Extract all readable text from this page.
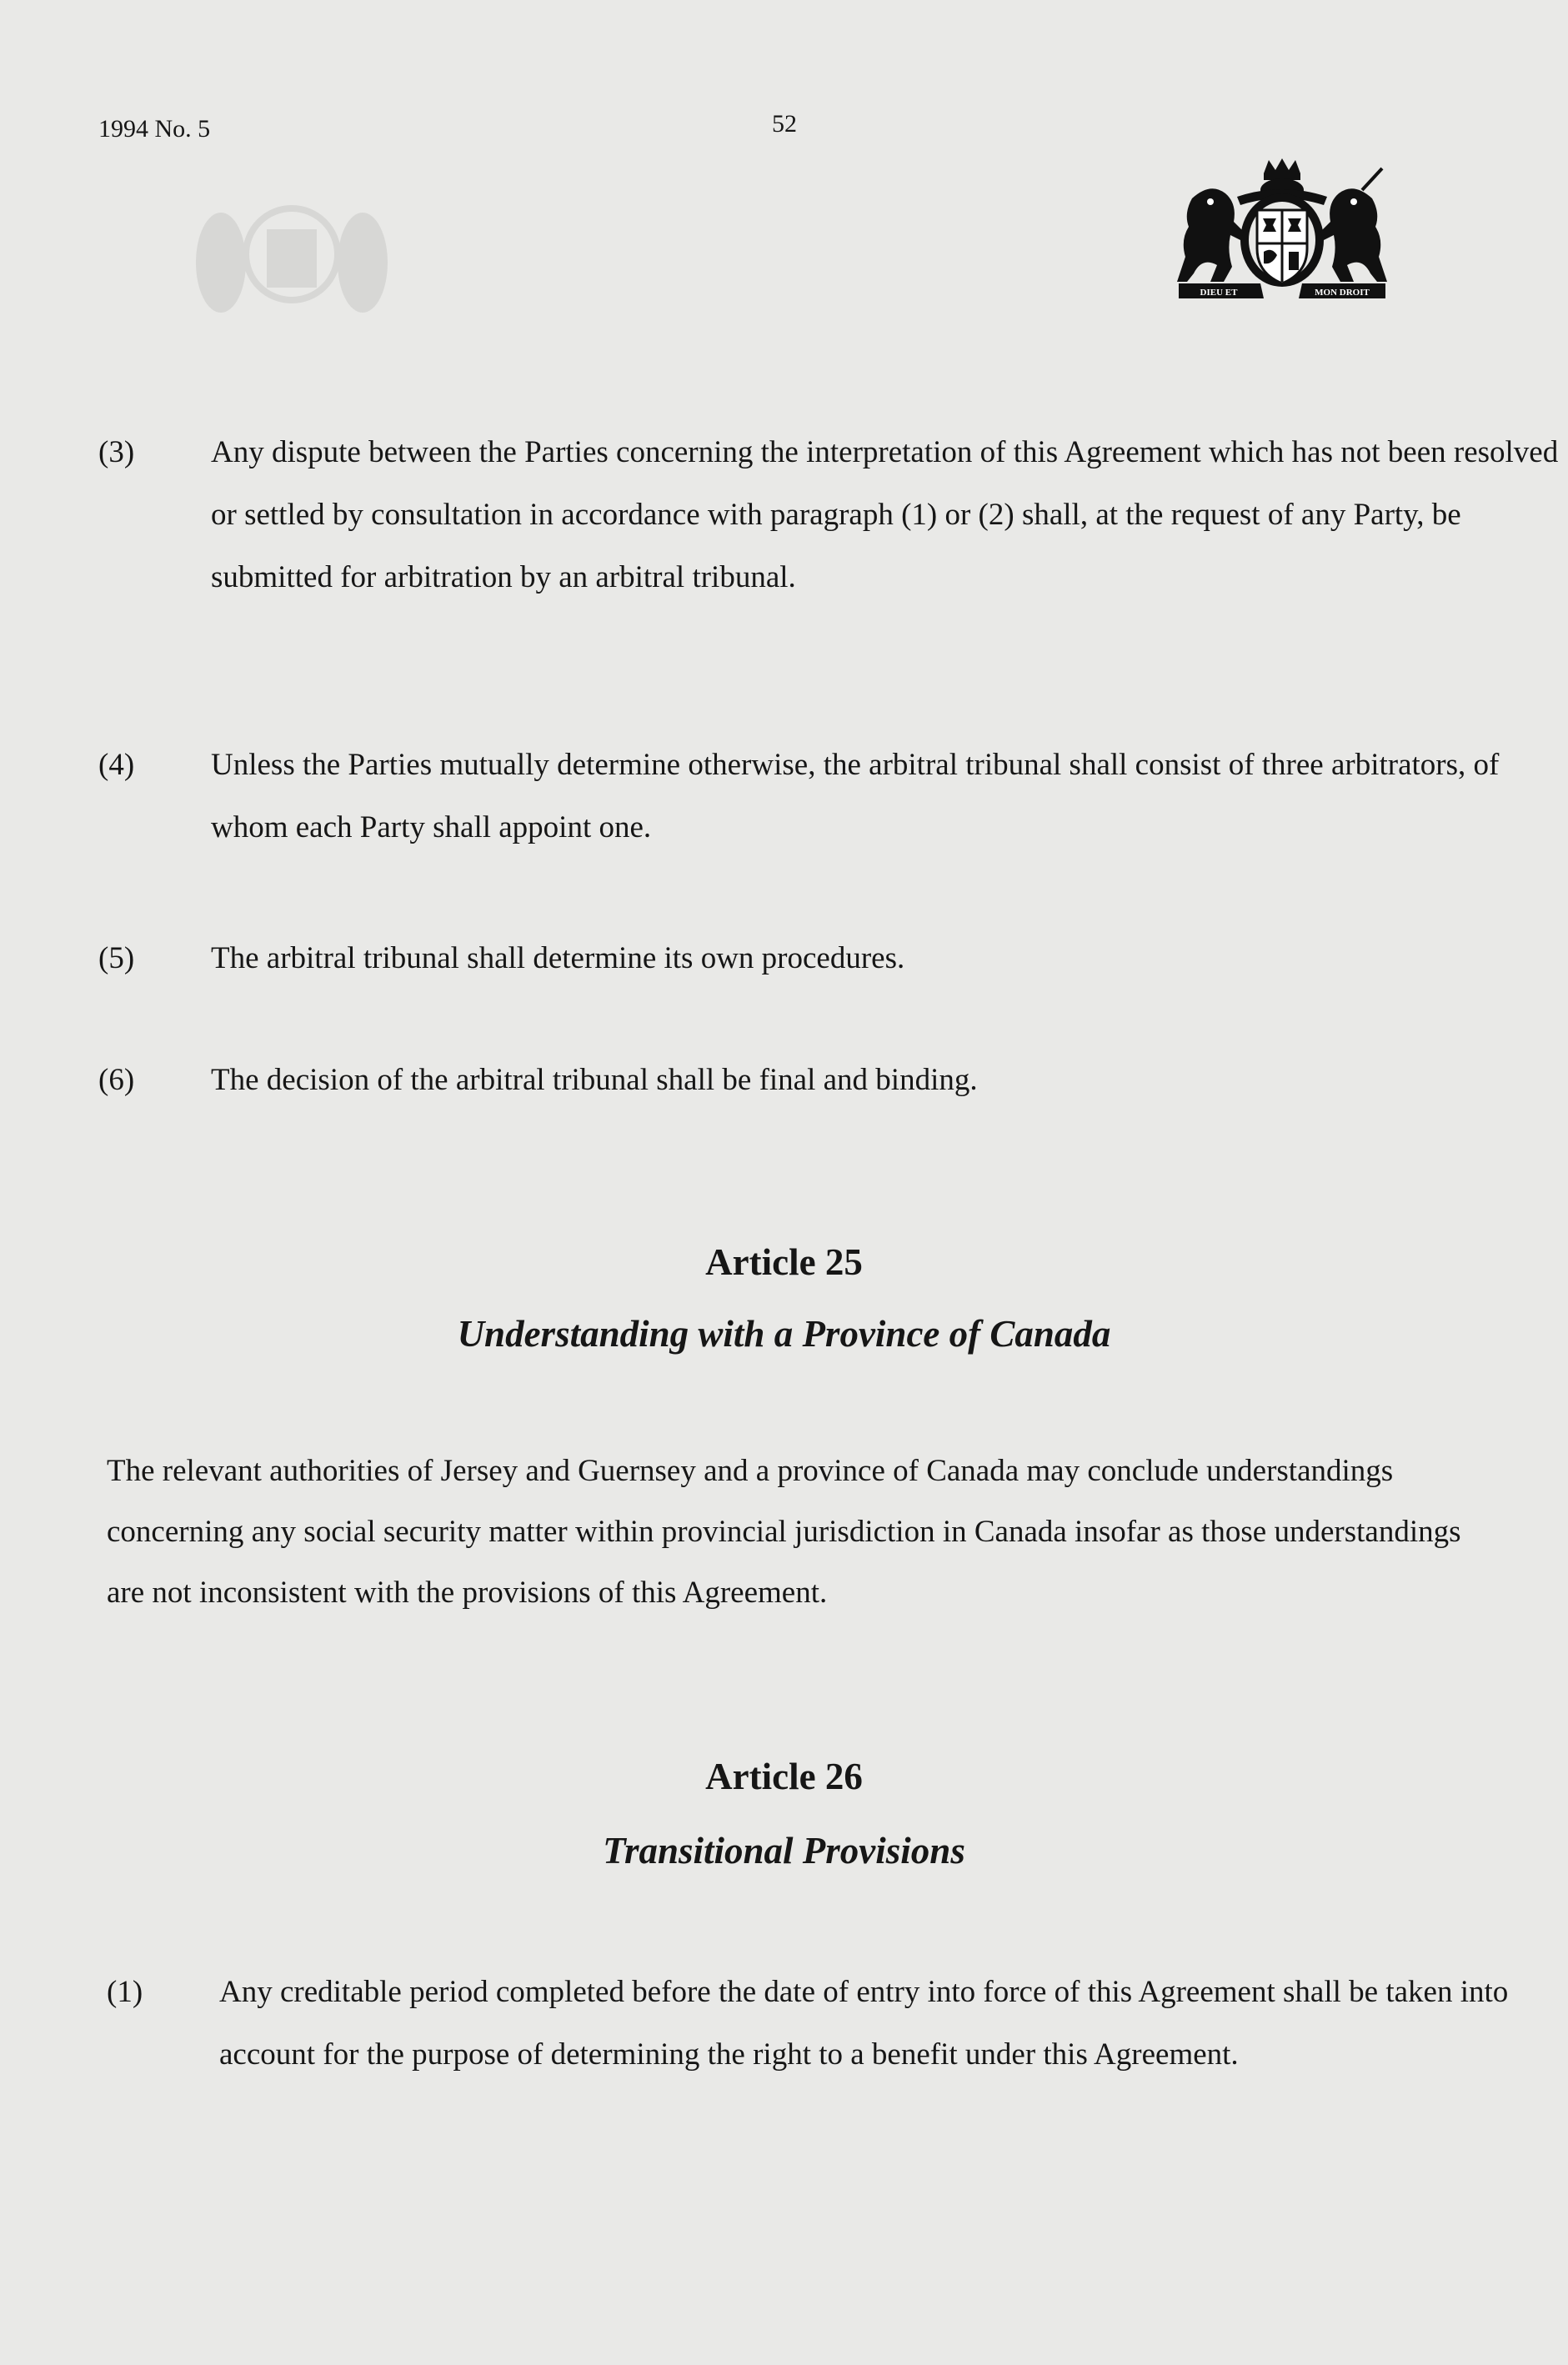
1994 No. 5	52
DIEU ET	MON DROIT
(3) Any dispute between the Parties concerning the interpretation of this Agreement which has not been resolved or settled by consultation in accordance with paragraph (1) or (2) shall, at the request of any Party, be submitted for arbitration by an arbitral tribunal.
(4) Unless the Parties mutually determine otherwise, the arbitral tribunal shall consist of three arbitrators, of whom each Party shall appoint one.
(5) The arbitral tribunal shall determine its own procedures.
(6) The decision of the arbitral tribunal shall be final and binding.
Article 25
Understanding with a Province of Canada
The relevant authorities of Jersey and Guernsey and a province of Canada may conclude understandings concerning any social security matter within provincial jurisdiction in Canada insofar as those understandings are not inconsistent with the provisions of this Agreement.
Article 26
Transitional Provisions
(1) Any creditable period completed before the date of entry into force of this Agreement shall be taken into account for the purpose of determining the right to a benefit under this Agreement.
